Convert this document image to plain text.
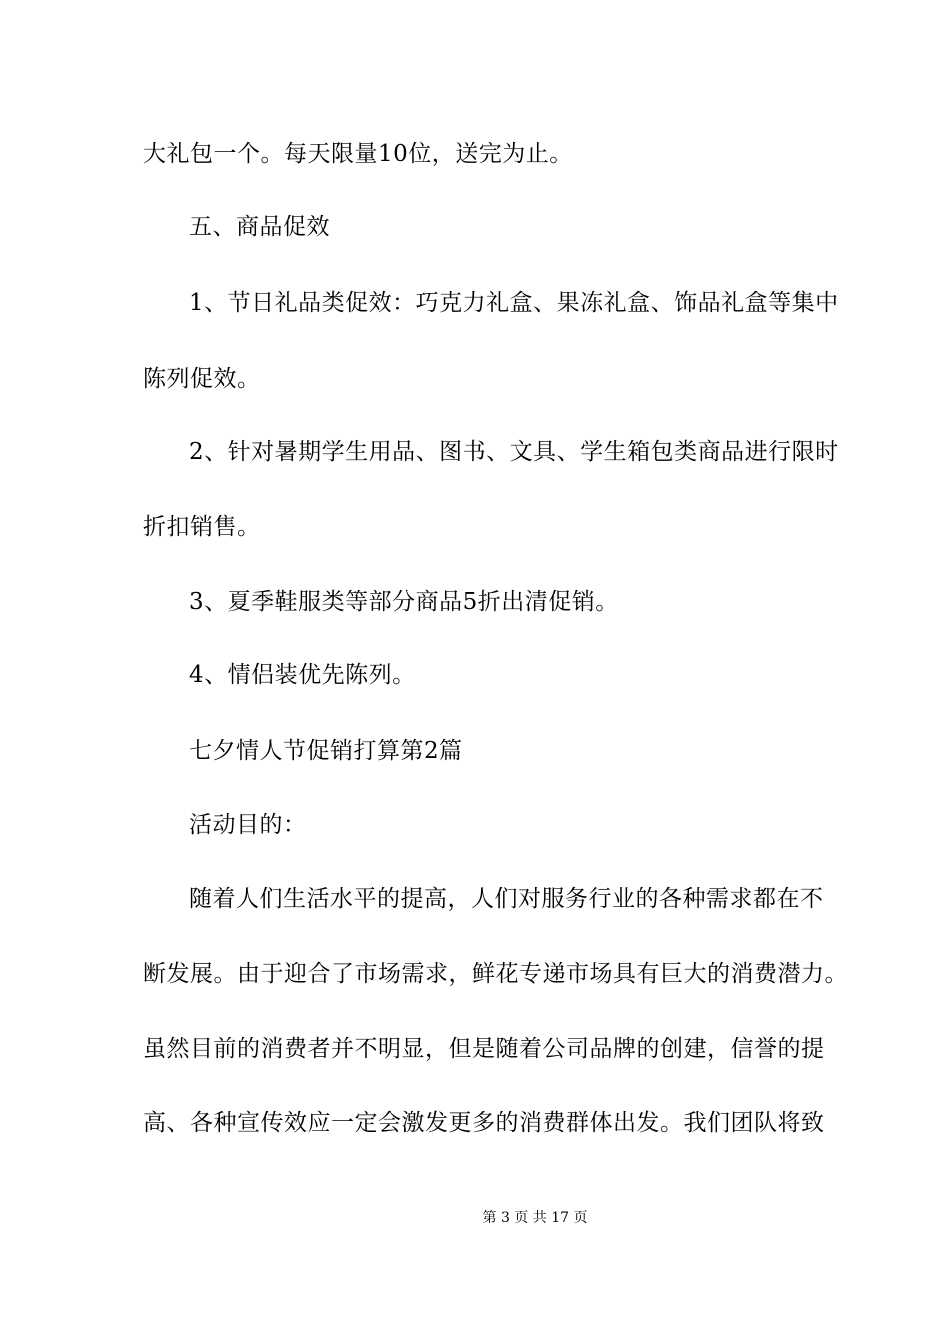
大礼包一个。每天限量10位，送完为止。
五、商品促效
1、节日礼品类促效：巧克力礼盒、果冻礼盒、饰品礼盒等集中
陈列促效。
2、针对暑期学生用品、图书、文具、学生箱包类商品进行限时
折扣销售。
3、夏季鞋服类等部分商品5折出清促销。
4、情侣装优先陈列。
七夕情人节促销打算第2篇
活动目的：
随着人们生活水平的提高，人们对服务行业的各种需求都在不
断发展。由于迎合了市场需求，鲜花专递市场具有巨大的消费潜力。
虽然目前的消费者并不明显，但是随着公司品牌的创建，信誉的提
高、各种宣传效应一定会激发更多的消费群体出发。我们团队将致
第 3 页 共 17 页
